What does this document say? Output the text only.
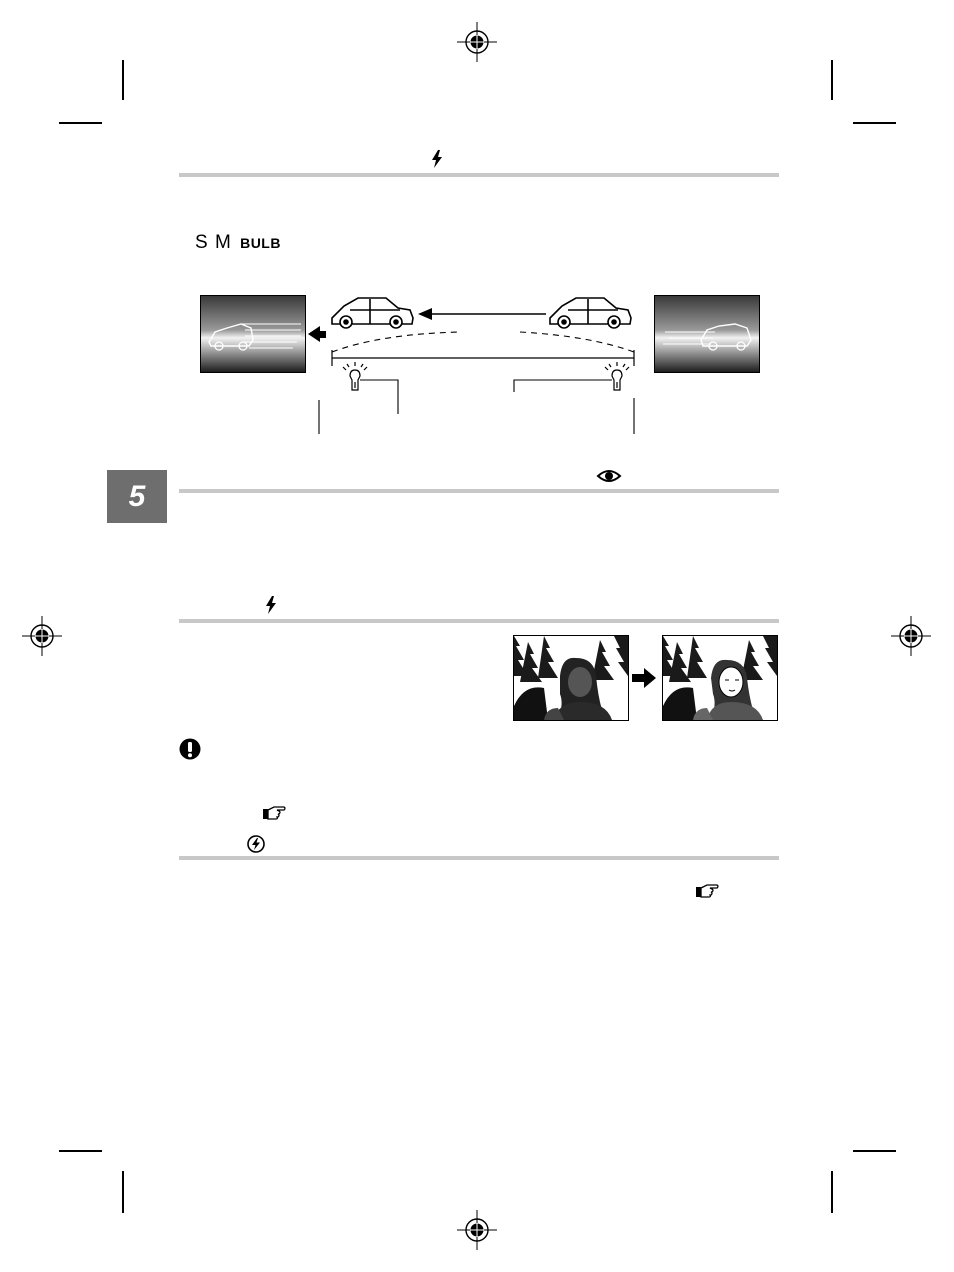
S M BULB
5
